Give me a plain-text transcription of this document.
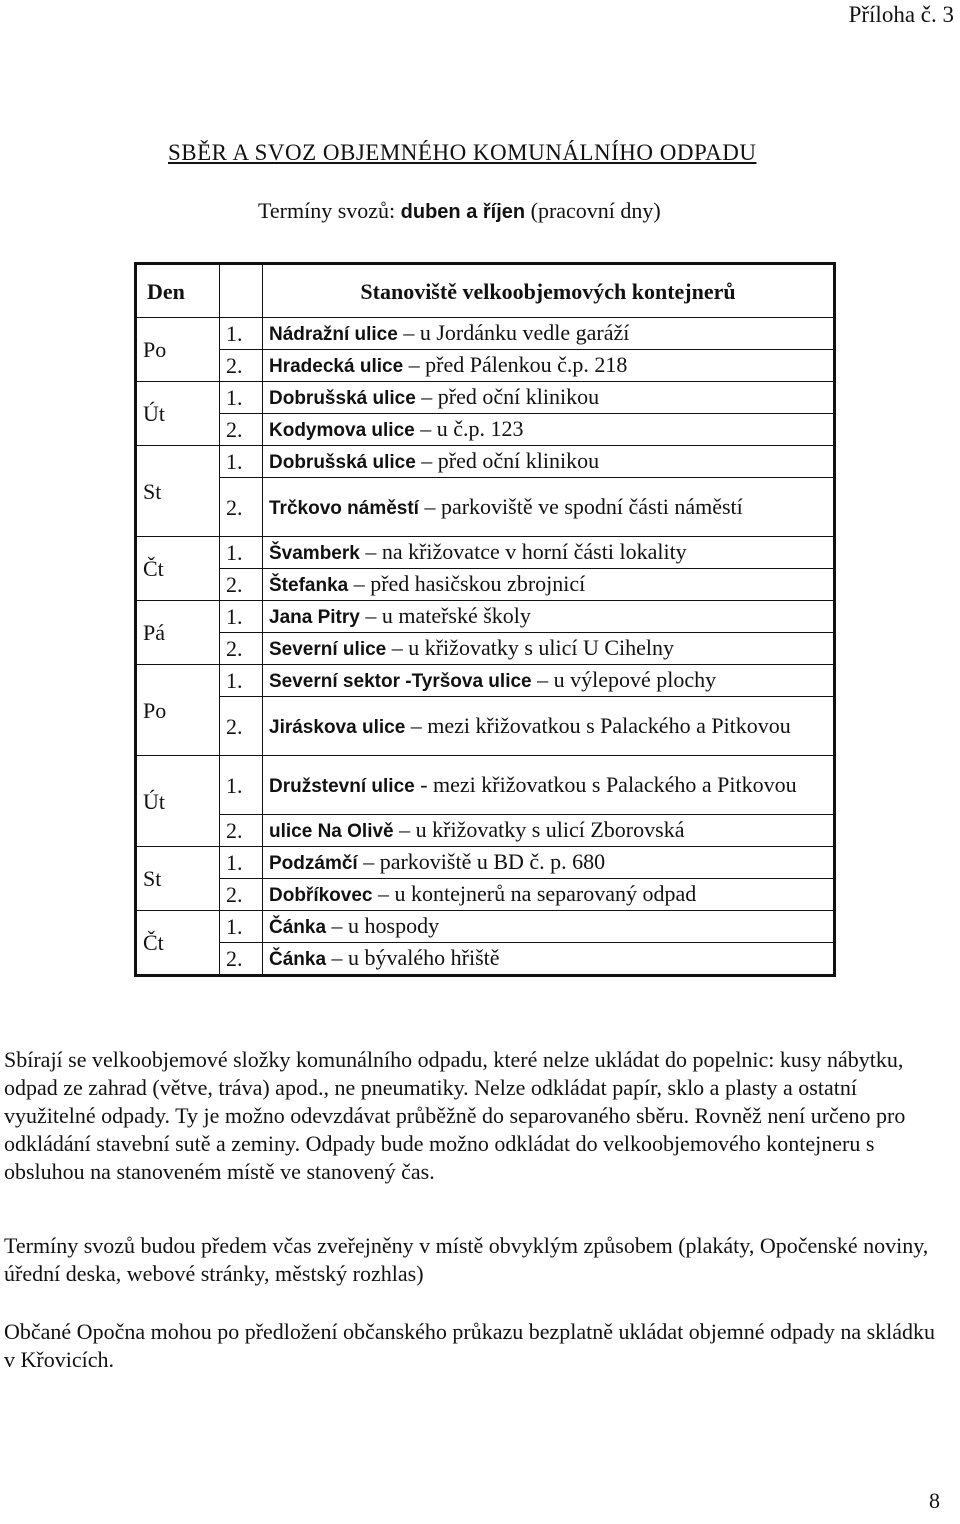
Příloha č. 3
SBĚR A SVOZ OBJEMNÉHO KOMUNÁLNÍHO ODPADU
Termíny svozů: duben a říjen (pracovní dny)
Den		Stanoviště velkoobjemových kontejnerů
Po	1.	Nádražní ulice – u Jordánku vedle garáží
	2.	Hradecká ulice – před Pálenkou č.p. 218
Út	1.	Dobrušská ulice – před oční klinikou
	2.	Kodymova ulice – u č.p. 123
St	1.	Dobrušská ulice – před oční klinikou
	2.	Trčkovo náměstí – parkoviště ve spodní části náměstí
Čt	1.	Švamberk – na křižovatce v horní části lokality
	2.	Štefanka – před hasičskou zbrojnicí
Pá	1.	Jana Pitry – u mateřské školy
	2.	Severní ulice – u křižovatky s ulicí U Cihelny
Po	1.	Severní sektor -Tyršova ulice – u výlepové plochy
	2.	Jiráskova ulice – mezi křižovatkou s Palackého a Pitkovou
Út	1.	Družstevní ulice - mezi křižovatkou s Palackého a Pitkovou
	2.	ulice Na Olivě – u křižovatky s ulicí Zborovská
St	1.	Podzámčí – parkoviště u BD č. p. 680
	2.	Dobříkovec – u kontejnerů na separovaný odpad
Čt	1.	Čánka – u hospody
	2.	Čánka – u bývalého hřiště

Sbírají se velkoobjemové složky komunálního odpadu, které nelze ukládat do popelnic: kusy nábytku, odpad ze zahrad (větve, tráva) apod., ne pneumatiky. Nelze odkládat papír, sklo a plasty a ostatní využitelné odpady. Ty je možno odevzdávat průběžně do separovaného sběru. Rovněž není určeno pro odkládání stavební sutě a zeminy. Odpady bude možno odkládat do velkoobjemového kontejneru s obsluhou na stanoveném místě ve stanovený čas.

Termíny svozů budou předem včas zveřejněny v místě obvyklým způsobem (plakáty, Opočenské noviny, úřední deska, webové stránky, městský rozhlas)

Občané Opočna mohou po předložení občanského průkazu bezplatně ukládat objemné odpady na skládku v Křovicích.

8
